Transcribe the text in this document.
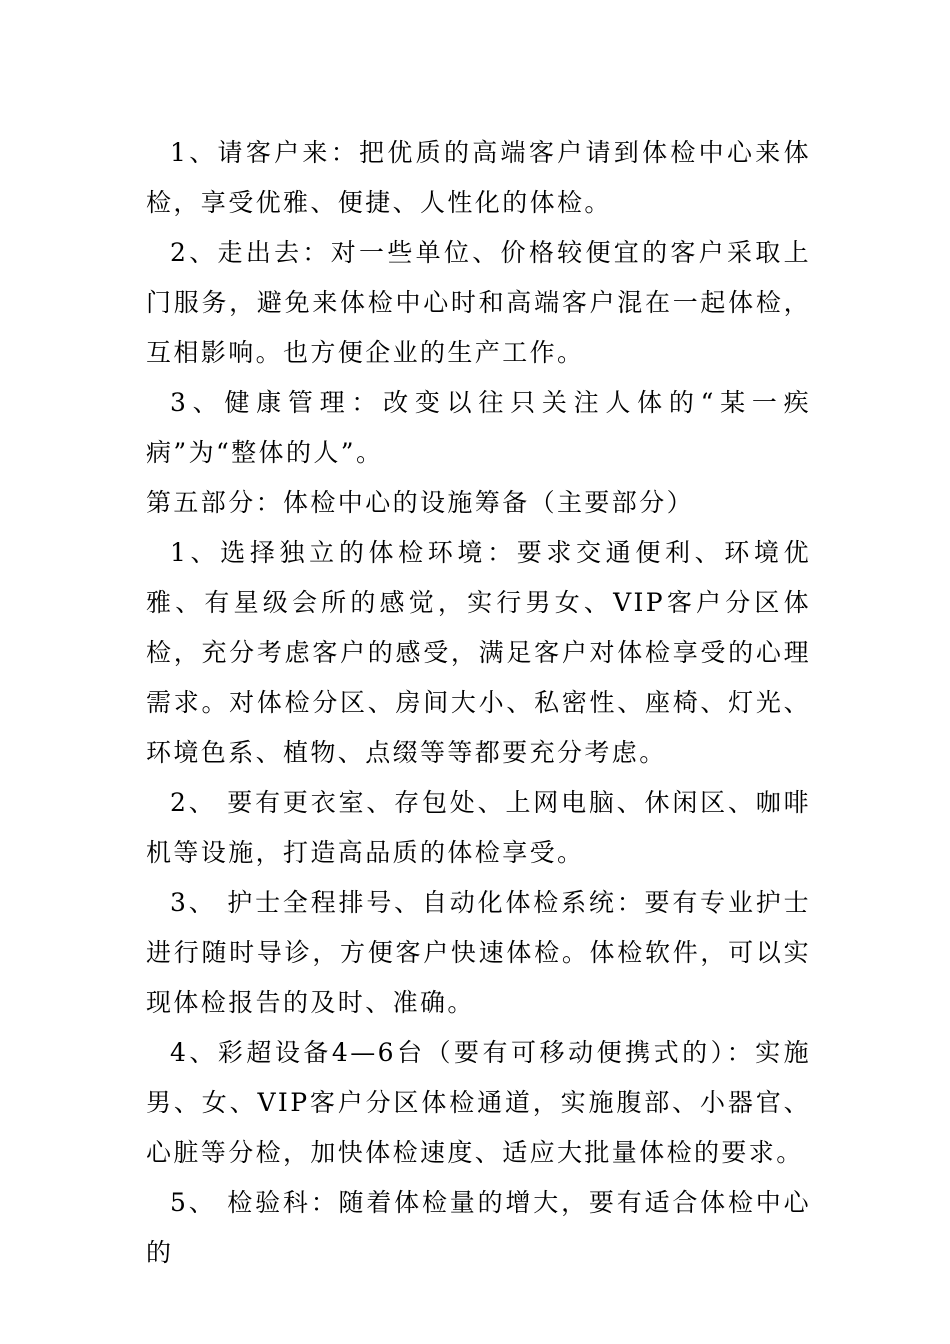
1、请客户来：把优质的高端客户请到体检中心来体检，享受优雅、便捷、人性化的体检。

2、走出去：对一些单位、价格较便宜的客户采取上门服务，避免来体检中心时和高端客户混在一起体检，互相影响。也方便企业的生产工作。

3、健康管理：改变以往只关注人体的“某一疾病”为“整体的人”。

第五部分：体检中心的设施筹备（主要部分）

1、选择独立的体检环境：要求交通便利、环境优雅、有星级会所的感觉，实行男女、VIP客户分区体检，充分考虑客户的感受，满足客户对体检享受的心理需求。对体检分区、房间大小、私密性、座椅、灯光、环境色系、植物、点缀等等都要充分考虑。

2、 要有更衣室、存包处、上网电脑、休闲区、咖啡机等设施，打造高品质的体检享受。

3、 护士全程排号、自动化体检系统：要有专业护士进行随时导诊，方便客户快速体检。体检软件，可以实现体检报告的及时、准确。

4、彩超设备4—6台（要有可移动便携式的）：实施男、女、VIP客户分区体检通道，实施腹部、小器官、心脏等分检，加快体检速度、适应大批量体检的要求。

5、 检验科：随着体检量的增大，要有适合体检中心的
